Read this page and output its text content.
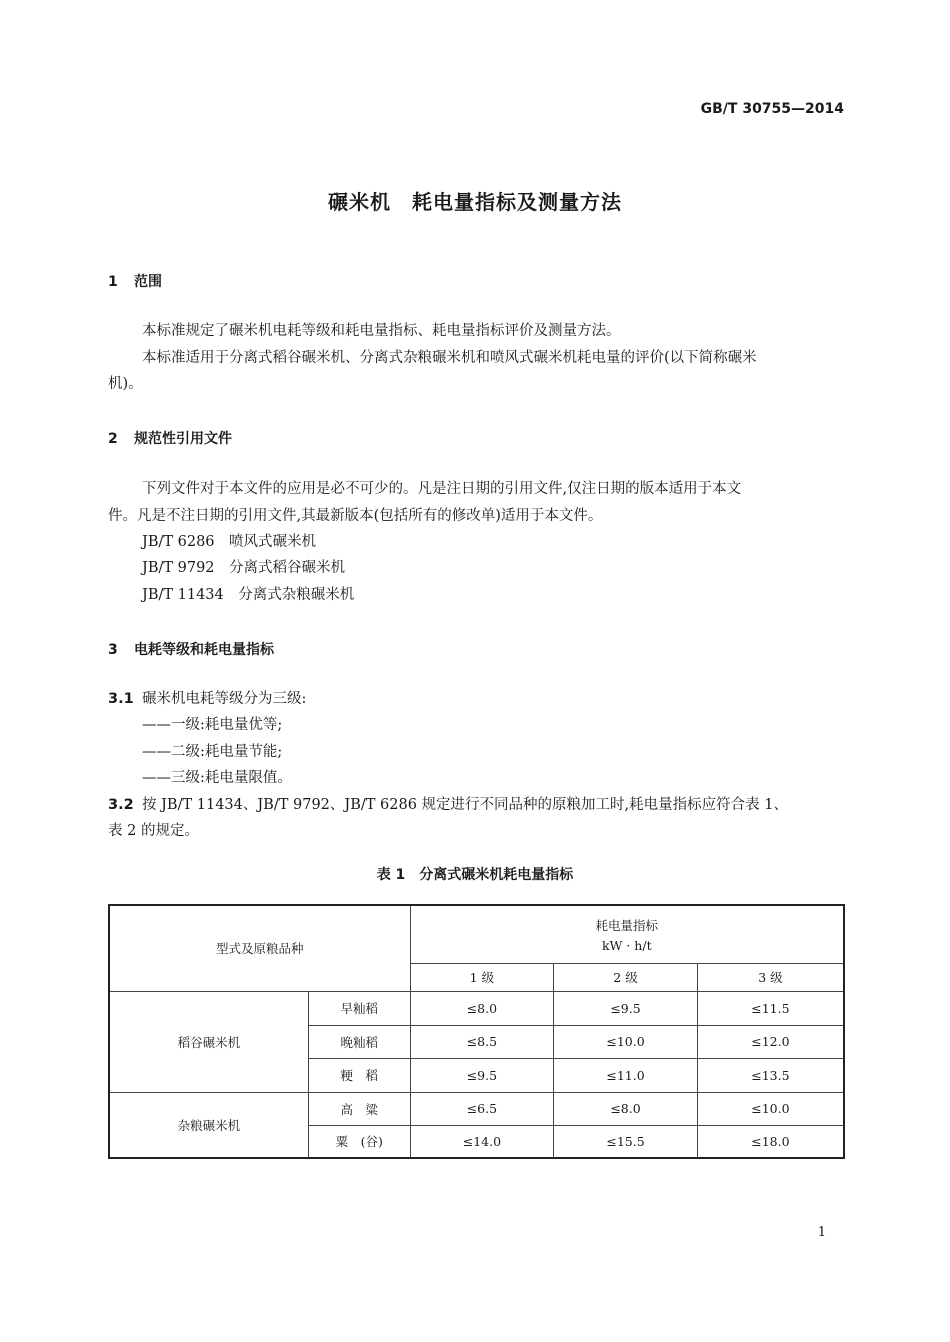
GB/T 30755—2014
碾米机　耗电量指标及测量方法
1 范围
本标准规定了碾米机电耗等级和耗电量指标、耗电量指标评价及测量方法。
本标准适用于分离式稻谷碾米机、分离式杂粮碾米机和喷风式碾米机耗电量的评价(以下简称碾米
机)。
2 规范性引用文件
下列文件对于本文件的应用是必不可少的。凡是注日期的引用文件,仅注日期的版本适用于本文
件。凡是不注日期的引用文件,其最新版本(包括所有的修改单)适用于本文件。
JB/T 6286　喷风式碾米机
JB/T 9792　分离式稻谷碾米机
JB/T 11434　分离式杂粮碾米机
3 电耗等级和耗电量指标
3.1 碾米机电耗等级分为三级:
——一级:耗电量优等;
——二级:耗电量节能;
——三级:耗电量限值。
3.2 按 JB/T 11434、JB/T 9792、JB/T 6286 规定进行不同品种的原粮加工时,耗电量指标应符合表 1、
表 2 的规定。
表 1　分离式碾米机耗电量指标
型式及原粮品种		耗电量指标
kW · h/t		

		1 级	2 级	3 级
稻谷碾米机	早籼稻	≤8.0	≤9.5	≤11.5
	晚籼稻	≤8.5	≤10.0	≤12.0
	粳　稻	≤9.5	≤11.0	≤13.5
杂粮碾米机	高　粱	≤6.5	≤8.0	≤10.0
	粟　(谷)	≤14.0	≤15.5	≤18.0
1
